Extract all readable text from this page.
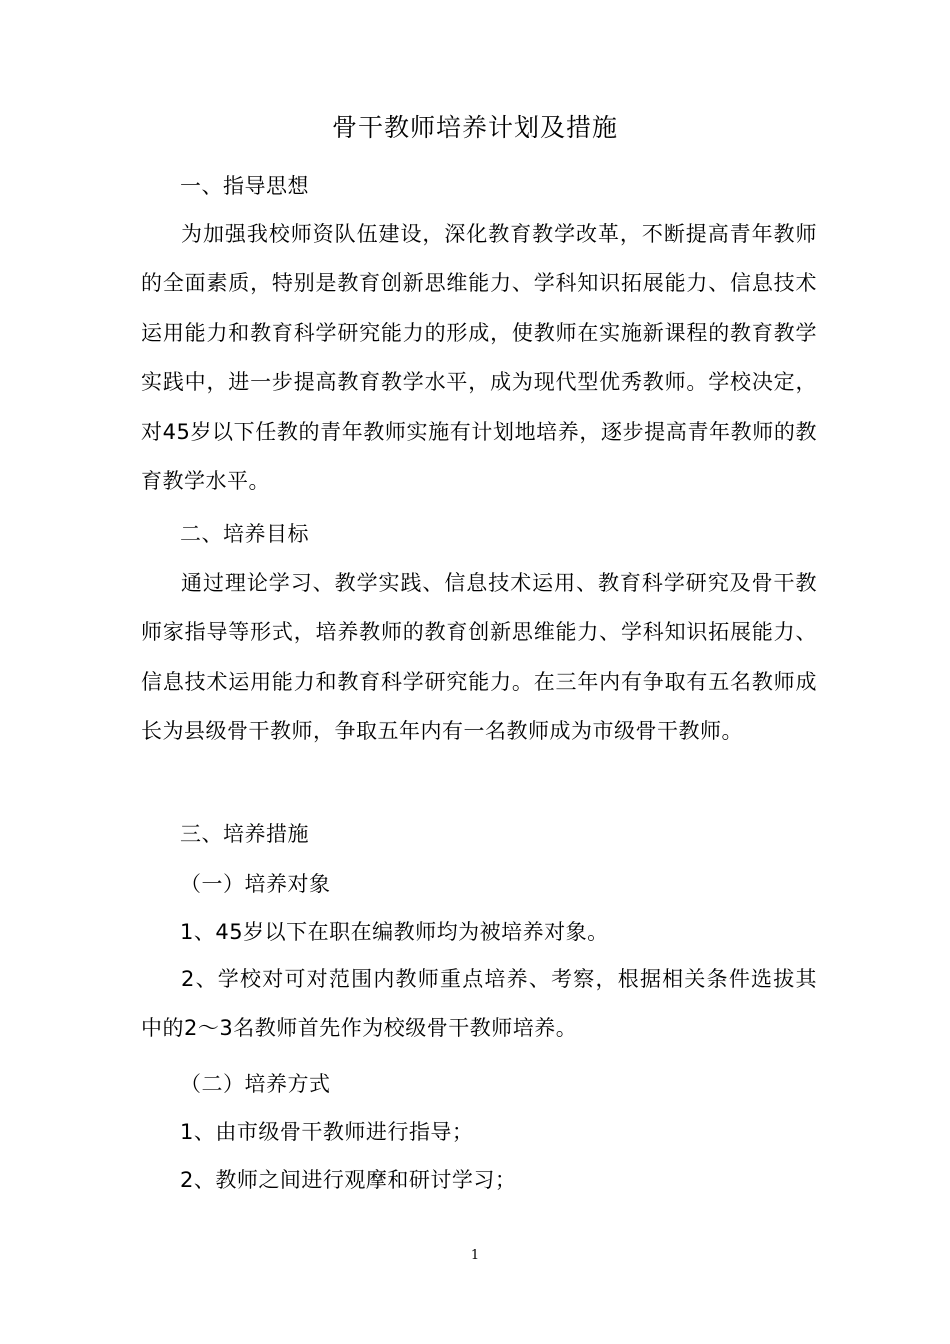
骨干教师培养计划及措施
一、指导思想
为加强我校师资队伍建设，深化教育教学改革，不断提高青年教师的全面素质，特别是教育创新思维能力、学科知识拓展能力、信息技术运用能力和教育科学研究能力的形成，使教师在实施新课程的教育教学实践中，进一步提高教育教学水平，成为现代型优秀教师。学校决定，对45岁以下任教的青年教师实施有计划地培养，逐步提高青年教师的教育教学水平。
二、培养目标
通过理论学习、教学实践、信息技术运用、教育科学研究及骨干教师家指导等形式，培养教师的教育创新思维能力、学科知识拓展能力、信息技术运用能力和教育科学研究能力。在三年内有争取有五名教师成长为县级骨干教师，争取五年内有一名教师成为市级骨干教师。
三、培养措施
（一）培养对象
1、45岁以下在职在编教师均为被培养对象。
2、学校对可对范围内教师重点培养、考察，根据相关条件选拔其中的2～3名教师首先作为校级骨干教师培养。
（二）培养方式
1、由市级骨干教师进行指导；
2、教师之间进行观摩和研讨学习；
1
